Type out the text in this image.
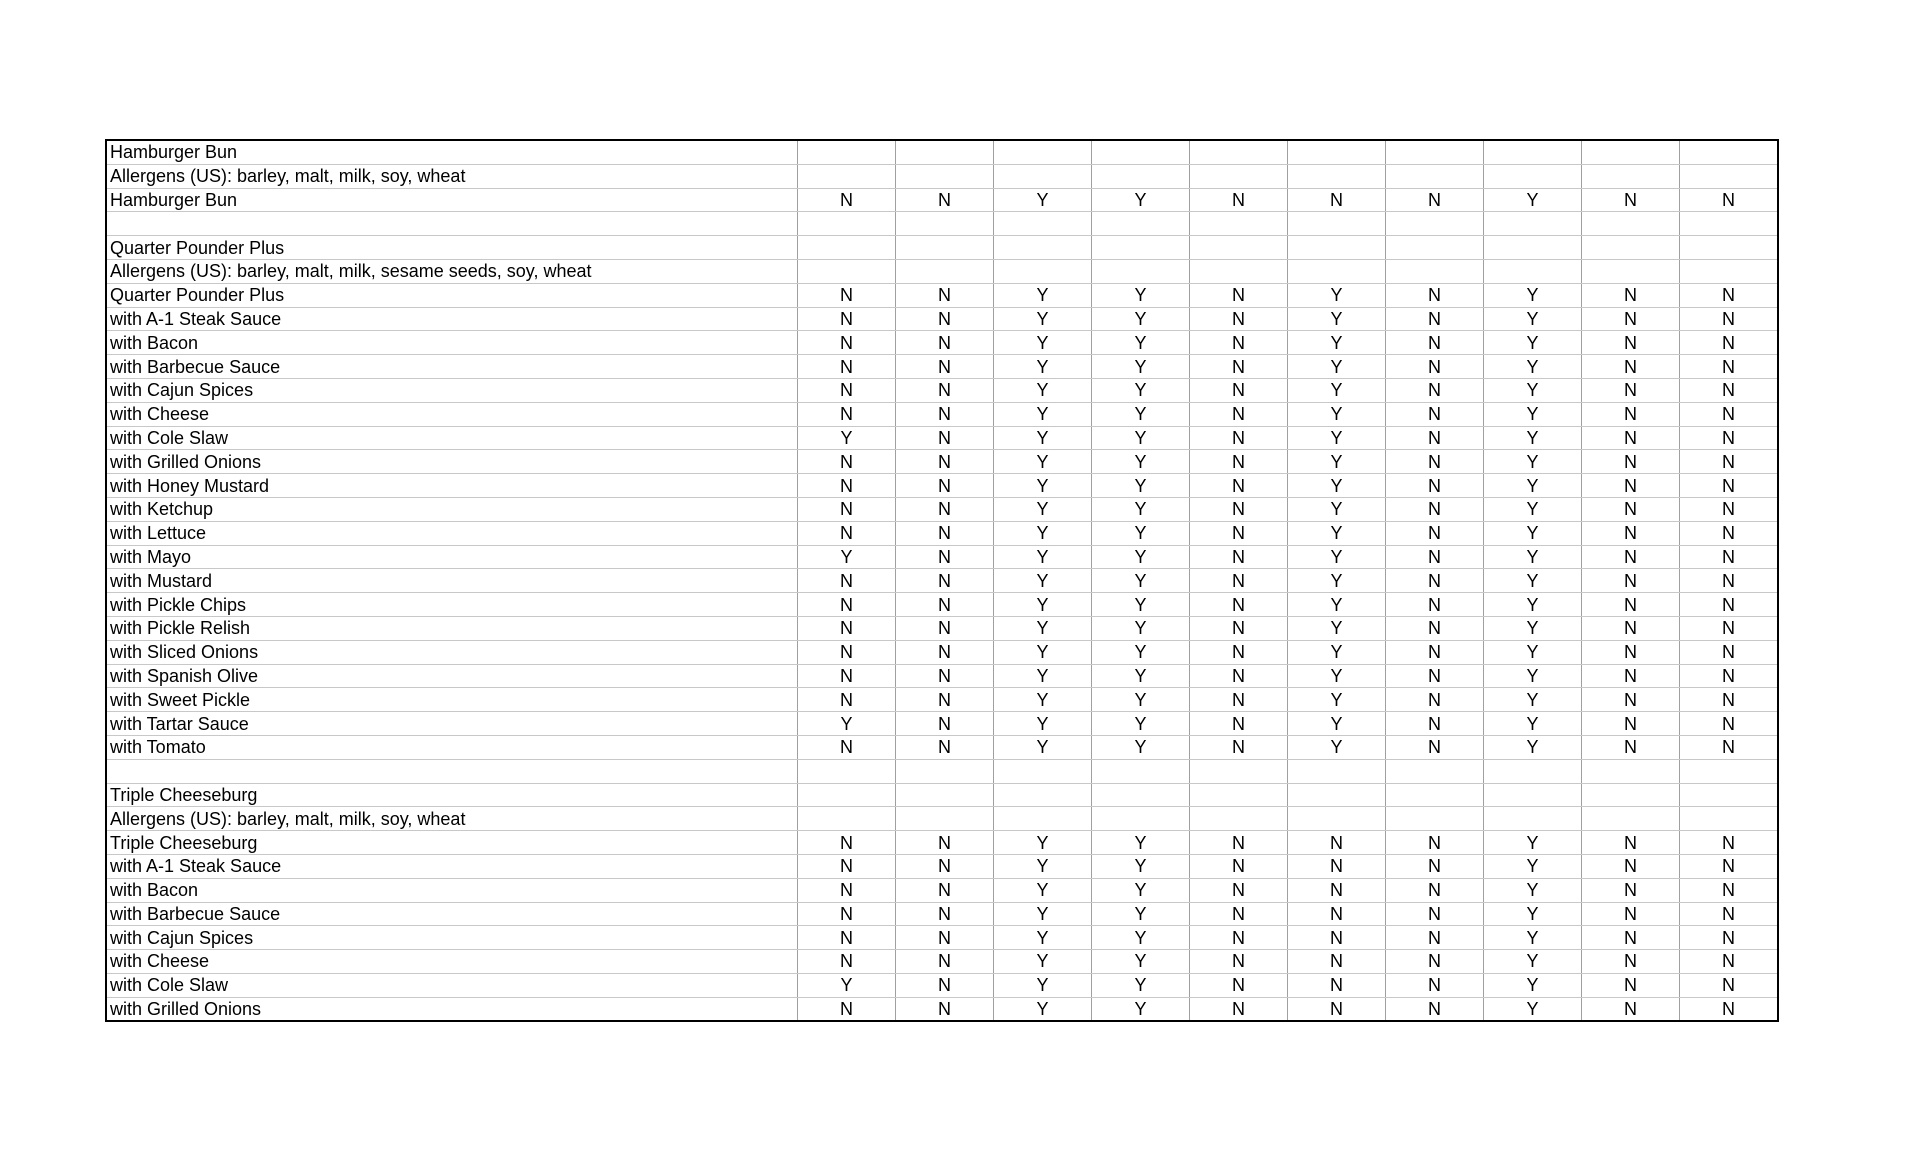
Hamburger Bun										
Allergens (US): barley, malt, milk, soy, wheat										
Hamburger Bun	N	N	Y	Y	N	N	N	Y	N	N

Quarter Pounder Plus										
Allergens (US): barley, malt, milk, sesame seeds, soy, wheat										
Quarter Pounder Plus	N	N	Y	Y	N	Y	N	Y	N	N
with A-1 Steak Sauce	N	N	Y	Y	N	Y	N	Y	N	N
with Bacon	N	N	Y	Y	N	Y	N	Y	N	N
with Barbecue Sauce	N	N	Y	Y	N	Y	N	Y	N	N
with Cajun Spices	N	N	Y	Y	N	Y	N	Y	N	N
with Cheese	N	N	Y	Y	N	Y	N	Y	N	N
with Cole Slaw	Y	N	Y	Y	N	Y	N	Y	N	N
with Grilled Onions	N	N	Y	Y	N	Y	N	Y	N	N
with Honey Mustard	N	N	Y	Y	N	Y	N	Y	N	N
with Ketchup	N	N	Y	Y	N	Y	N	Y	N	N
with Lettuce	N	N	Y	Y	N	Y	N	Y	N	N
with Mayo	Y	N	Y	Y	N	Y	N	Y	N	N
with Mustard	N	N	Y	Y	N	Y	N	Y	N	N
with Pickle Chips	N	N	Y	Y	N	Y	N	Y	N	N
with Pickle Relish	N	N	Y	Y	N	Y	N	Y	N	N
with Sliced Onions	N	N	Y	Y	N	Y	N	Y	N	N
with Spanish Olive	N	N	Y	Y	N	Y	N	Y	N	N
with Sweet Pickle	N	N	Y	Y	N	Y	N	Y	N	N
with Tartar Sauce	Y	N	Y	Y	N	Y	N	Y	N	N
with Tomato	N	N	Y	Y	N	Y	N	Y	N	N

Triple Cheeseburg										
Allergens (US): barley, malt, milk, soy, wheat										
Triple Cheeseburg	N	N	Y	Y	N	N	N	Y	N	N
with A-1 Steak Sauce	N	N	Y	Y	N	N	N	Y	N	N
with Bacon	N	N	Y	Y	N	N	N	Y	N	N
with Barbecue Sauce	N	N	Y	Y	N	N	N	Y	N	N
with Cajun Spices	N	N	Y	Y	N	N	N	Y	N	N
with Cheese	N	N	Y	Y	N	N	N	Y	N	N
with Cole Slaw	Y	N	Y	Y	N	N	N	Y	N	N
with Grilled Onions	N	N	Y	Y	N	N	N	Y	N	N
